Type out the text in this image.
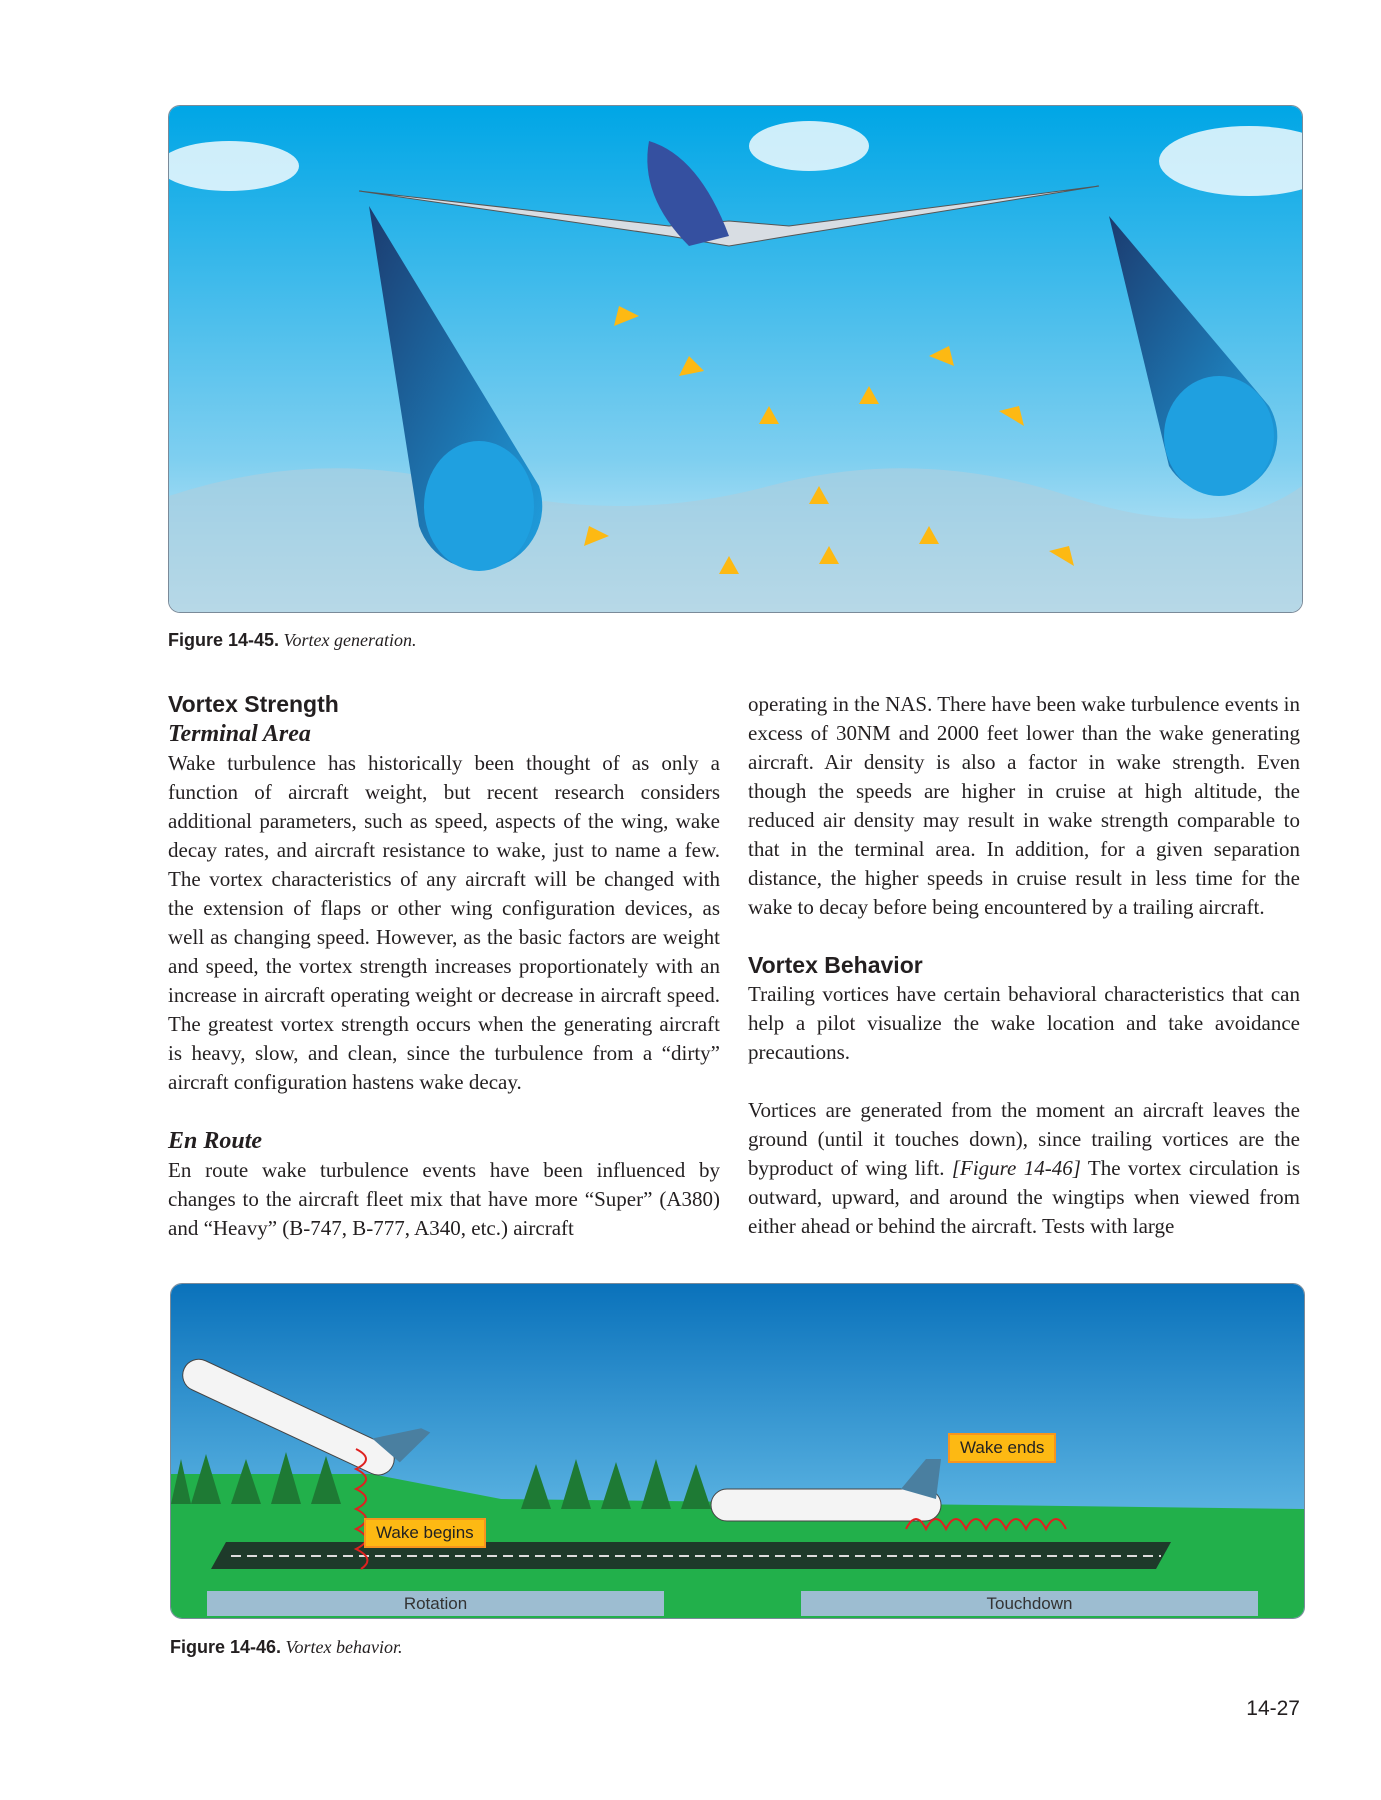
Figure 14-45. Vortex generation.
Vortex Strength
Terminal Area

Wake turbulence has historically been thought of as only a function of aircraft weight, but recent research considers additional parameters, such as speed, aspects of the wing, wake decay rates, and aircraft resistance to wake, just to name a few. The vortex characteristics of any aircraft will be changed with the extension of flaps or other wing configuration devices, as well as changing speed. However, as the basic factors are weight and speed, the vortex strength increases proportionately with an increase in aircraft operating weight or decrease in aircraft speed. The greatest vortex strength occurs when the generating aircraft is heavy, slow, and clean, since the turbulence from a “dirty” aircraft configuration hastens wake decay.

En Route

En route wake turbulence events have been influenced by changes to the aircraft fleet mix that have more “Super” (A380) and “Heavy” (B-747, B-777, A340, etc.) aircraft

operating in the NAS. There have been wake turbulence events in excess of 30NM and 2000 feet lower than the wake generating aircraft. Air density is also a factor in wake strength. Even though the speeds are higher in cruise at high altitude, the reduced air density may result in wake strength comparable to that in the terminal area. In addition, for a given separation distance, the higher speeds in cruise result in less time for the wake to decay before being encountered by a trailing aircraft.

Vortex Behavior

Trailing vortices have certain behavioral characteristics that can help a pilot visualize the wake location and take avoidance precautions.

Vortices are generated from the moment an aircraft leaves the ground (until it touches down), since trailing vortices are the byproduct of wing lift. [Figure 14-46] The vortex circulation is outward, upward, and around the wingtips when viewed from either ahead or behind the aircraft. Tests with large

Wake begins
Wake ends
Rotation	Touchdown
Figure 14-46. Vortex behavior.
14-27
